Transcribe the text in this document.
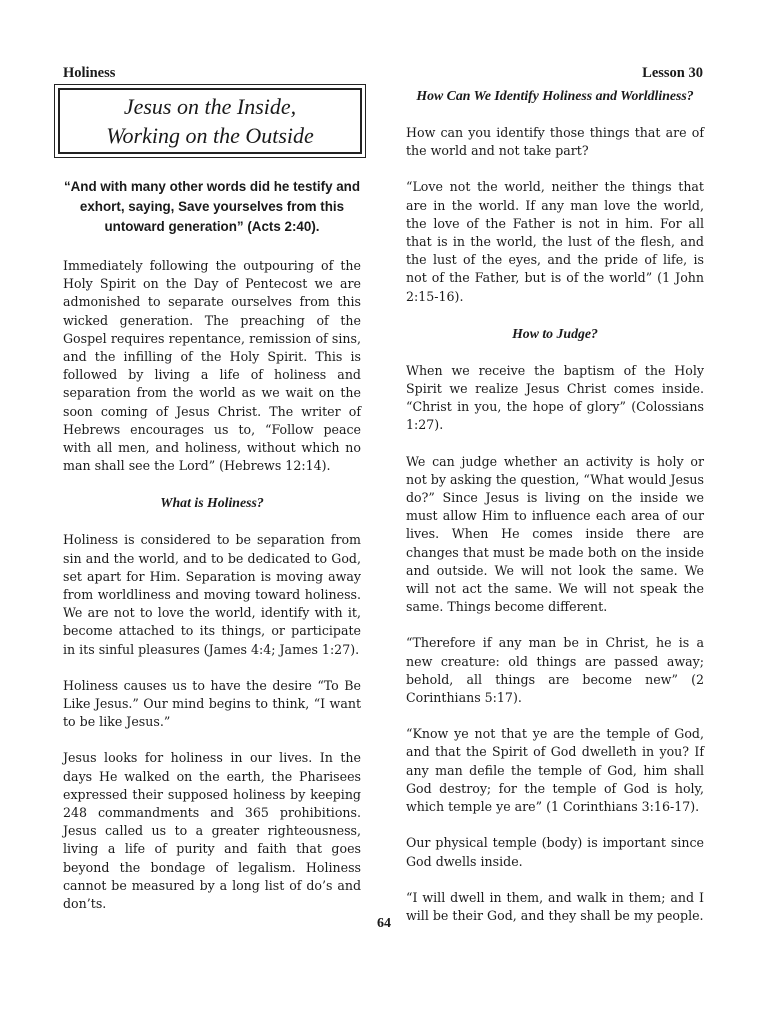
Holiness	Lesson 30
Jesus on the Inside,
Working on the Outside

“And with many other words did he testify and exhort, saying, Save yourselves from this untoward generation” (Acts 2:40).

Immediately following the outpouring of the Holy Spirit on the Day of Pentecost we are admonished to separate ourselves from this wicked generation. The preaching of the Gospel requires repentance, remission of sins, and the infilling of the Holy Spirit. This is followed by living a life of holiness and separation from the world as we wait on the soon coming of Jesus Christ. The writer of Hebrews encourages us to, “Follow peace with all men, and holiness, without which no man shall see the Lord” (Hebrews 12:14).

What is Holiness?

Holiness is considered to be separation from sin and the world, and to be dedicated to God, set apart for Him. Separation is moving away from worldliness and moving toward holiness. We are not to love the world, identify with it, become attached to its things, or participate in its sinful pleasures (James 4:4; James 1:27).

Holiness causes us to have the desire “To Be Like Jesus.” Our mind begins to think, “I want to be like Jesus.”

Jesus looks for holiness in our lives. In the days He walked on the earth, the Pharisees expressed their supposed holiness by keeping 248 commandments and 365 prohibitions. Jesus called us to a greater righteousness, living a life of purity and faith that goes beyond the bondage of legalism. Holiness cannot be measured by a long list of do’s and don’ts.

How Can We Identify Holiness and Worldliness?

How can you identify those things that are of the world and not take part?

“Love not the world, neither the things that are in the world. If any man love the world, the love of the Father is not in him. For all that is in the world, the lust of the flesh, and the lust of the eyes, and the pride of life, is not of the Father, but is of the world” (1 John 2:15-16).

How to Judge?

When we receive the baptism of the Holy Spirit we realize Jesus Christ comes inside. “Christ in you, the hope of glory” (Colossians 1:27).

We can judge whether an activity is holy or not by asking the question, “What would Jesus do?” Since Jesus is living on the inside we must allow Him to influence each area of our lives. When He comes inside there are changes that must be made both on the inside and outside. We will not look the same. We will not act the same. We will not speak the same. Things become different.

“Therefore if any man be in Christ, he is a new creature: old things are passed away; behold, all things are become new” (2 Corinthians 5:17).

“Know ye not that ye are the temple of God, and that the Spirit of God dwelleth in you? If any man defile the temple of God, him shall God destroy; for the temple of God is holy, which temple ye are” (1 Corinthians 3:16-17).

Our physical temple (body) is important since God dwells inside.

“I will dwell in them, and walk in them; and I will be their God, and they shall be my people.

64
